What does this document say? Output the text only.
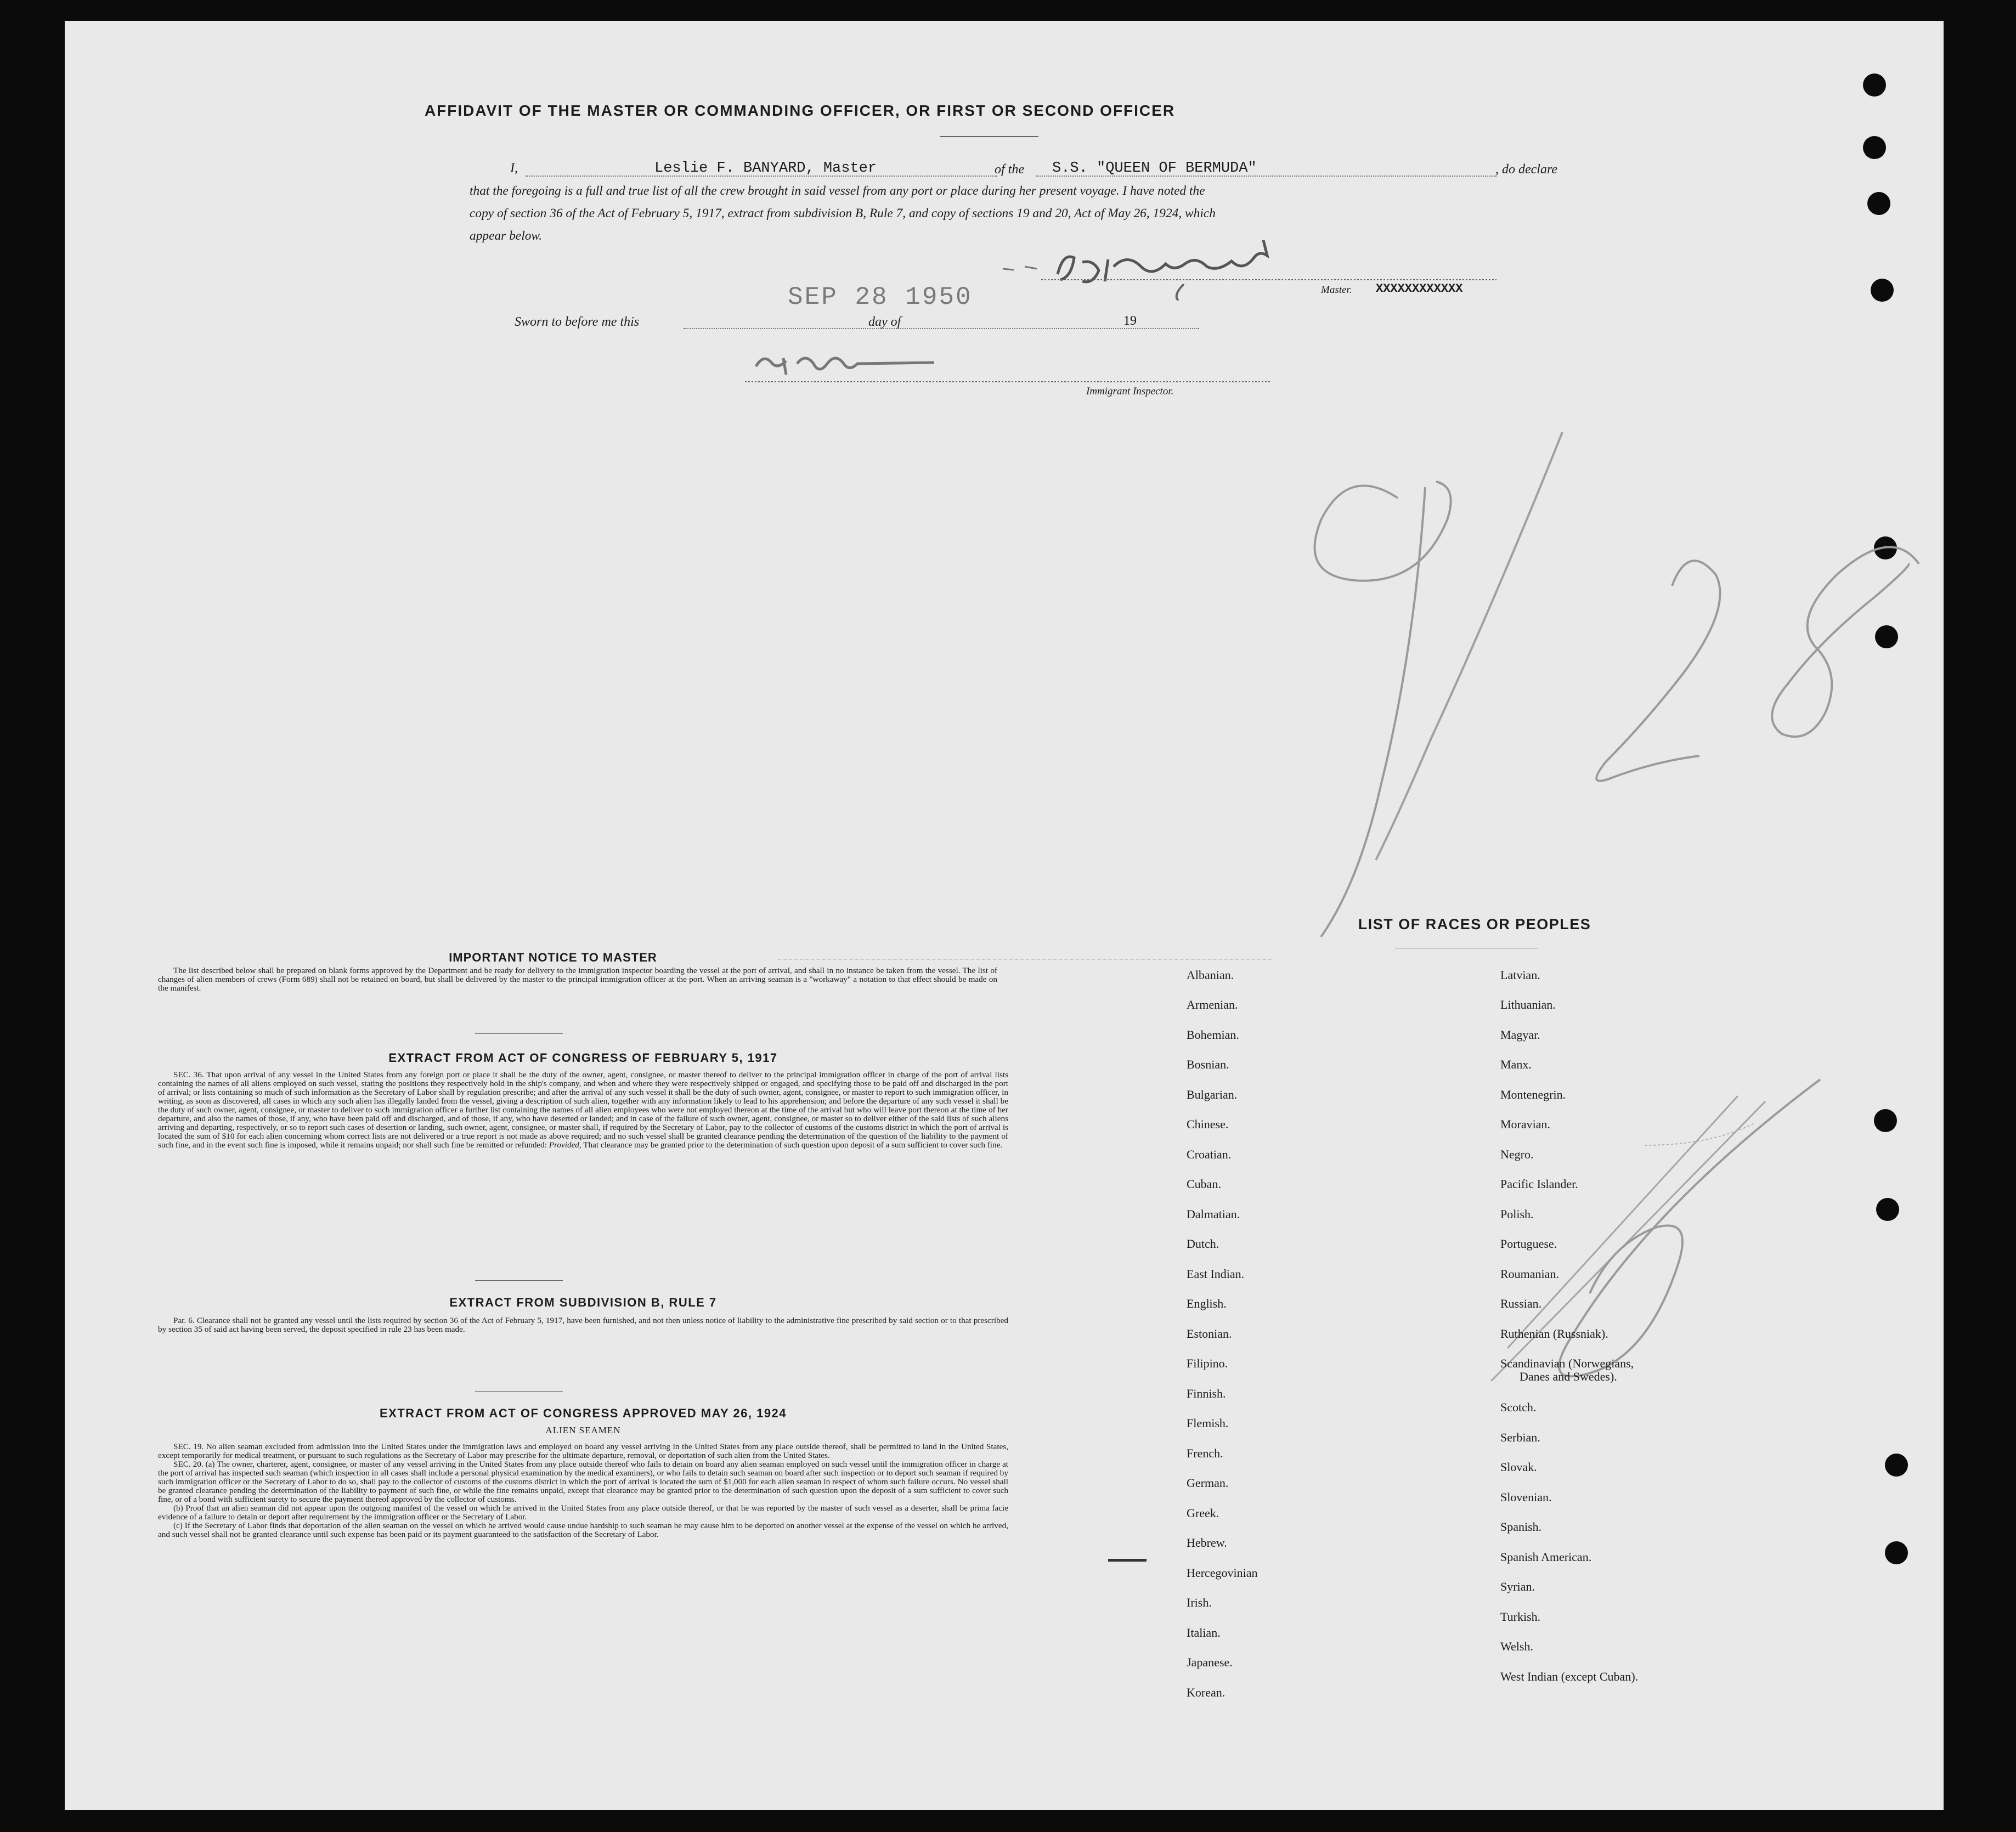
AFFIDAVIT OF THE MASTER OR COMMANDING OFFICER, OR FIRST OR SECOND OFFICER
I,	Leslie F. BANYARD, Master	of the S.S. "QUEEN OF BERMUDA"	, do declare
that the foregoing is a full and true list of all the crew brought in said vessel from any port or place during her present voyage. I have noted the
copy of section 36 of the Act of February 5, 1917, extract from subdivision B, Rule 7, and copy of sections 19 and 20, Act of May 26, 1924, which
appear below.
Master. XXXXXXXXXXXX
Sworn to before me this
SEP 28 1950
day of	19
Immigrant Inspector.
IMPORTANT NOTICE TO MASTER

The list described below shall be prepared on blank forms approved by the Department and be ready for delivery to the immigration inspector boarding the vessel at the port of arrival, and shall in no instance be taken from the vessel. The list of changes of alien members of crews (Form 689) shall not be retained on board, but shall be delivered by the master to the principal immigration officer at the port. When an arriving seaman is a "workaway" a notation to that effect should be made on the manifest.

EXTRACT FROM ACT OF CONGRESS OF FEBRUARY 5, 1917

SEC. 36. That upon arrival of any vessel in the United States from any foreign port or place it shall be the duty of the owner, agent, consignee, or master thereof to deliver to the principal immigration officer in charge of the port of arrival lists containing the names of all aliens employed on such vessel, stating the positions they respectively hold in the ship's company, and when and where they were respectively shipped or engaged, and specifying those to be paid off and discharged in the port of arrival; or lists containing so much of such information as the Secretary of Labor shall by regulation prescribe; and after the arrival of any such vessel it shall be the duty of such owner, agent, consignee, or master to report to such immigration officer, in writing, as soon as discovered, all cases in which any such alien has illegally landed from the vessel, giving a description of such alien, together with any information likely to lead to his apprehension; and before the departure of any such vessel it shall be the duty of such owner, agent, consignee, or master to deliver to such immigration officer a further list containing the names of all alien employees who were not employed thereon at the time of the arrival but who will leave port thereon at the time of her departure, and also the names of those, if any, who have been paid off and discharged, and of those, if any, who have deserted or landed; and in case of the failure of such owner, agent, consignee, or master so to deliver either of the said lists of such aliens arriving and departing, respectively, or so to report such cases of desertion or landing, such owner, agent, consignee, or master shall, if required by the Secretary of Labor, pay to the collector of customs of the customs district in which the port of arrival is located the sum of $10 for each alien concerning whom correct lists are not delivered or a true report is not made as above required; and no such vessel shall be granted clearance pending the determination of the question of the liability to the payment of such fine, and in the event such fine is imposed, while it remains unpaid; nor shall such fine be remitted or refunded: Provided, That clearance may be granted prior to the determination of such question upon deposit of a sum sufficient to cover such fine.

EXTRACT FROM SUBDIVISION B, RULE 7

Par. 6. Clearance shall not be granted any vessel until the lists required by section 36 of the Act of February 5, 1917, have been furnished, and not then unless notice of liability to the administrative fine prescribed by said section or to that prescribed by section 35 of said act having been served, the deposit specified in rule 23 has been made.

EXTRACT FROM ACT OF CONGRESS APPROVED MAY 26, 1924
ALIEN SEAMEN

SEC. 19. No alien seaman excluded from admission into the United States under the immigration laws and employed on board any vessel arriving in the United States from any place outside thereof, shall be permitted to land in the United States, except temporarily for medical treatment, or pursuant to such regulations as the Secretary of Labor may prescribe for the ultimate departure, removal, or deportation of such alien from the United States.

SEC. 20. (a) The owner, charterer, agent, consignee, or master of any vessel arriving in the United States from any place outside thereof who fails to detain on board any alien seaman employed on such vessel until the immigration officer in charge at the port of arrival has inspected such seaman (which inspection in all cases shall include a personal physical examination by the medical examiners), or who fails to detain such seaman on board after such inspection or to deport such seaman if required by such immigration officer or the Secretary of Labor to do so, shall pay to the collector of customs of the customs district in which the port of arrival is located the sum of $1,000 for each alien seaman in respect of whom such failure occurs. No vessel shall be granted clearance pending the determination of the liability to payment of such fine, or while the fine remains unpaid, except that clearance may be granted prior to the determination of such question upon the deposit of a sum sufficient to cover such fine, or of a bond with sufficient surety to secure the payment thereof approved by the collector of customs.

(b) Proof that an alien seaman did not appear upon the outgoing manifest of the vessel on which he arrived in the United States from any place outside thereof, or that he was reported by the master of such vessel as a deserter, shall be prima facie evidence of a failure to detain or deport after requirement by the immigration officer or the Secretary of Labor.

(c) If the Secretary of Labor finds that deportation of the alien seaman on the vessel on which he arrived would cause undue hardship to such seaman he may cause him to be deported on another vessel at the expense of the vessel on which he arrived, and such vessel shall not be granted clearance until such expense has been paid or its payment guaranteed to the satisfaction of the Secretary of Labor.

LIST OF RACES OR PEOPLES
Albanian.
Armenian.
Bohemian.
Bosnian.
Bulgarian.
Chinese.
Croatian.
Cuban.
Dalmatian.
Dutch.
East Indian.
English.
Estonian.
Filipino.
Finnish.
Flemish.
French.
German.
Greek.
Hebrew.
Hercegovinian
Irish.
Italian.
Japanese.
Korean.
Latvian.
Lithuanian.
Magyar.
Manx.
Montenegrin.
Moravian.
Negro.
Pacific Islander.
Polish.
Portuguese.
Roumanian.
Russian.
Ruthenian (Russniak).
Scandinavian (Norwegians,
Danes and Swedes).
Scotch.
Serbian.
Slovak.
Slovenian.
Spanish.
Spanish American.
Syrian.
Turkish.
Welsh.
West Indian (except Cuban).
